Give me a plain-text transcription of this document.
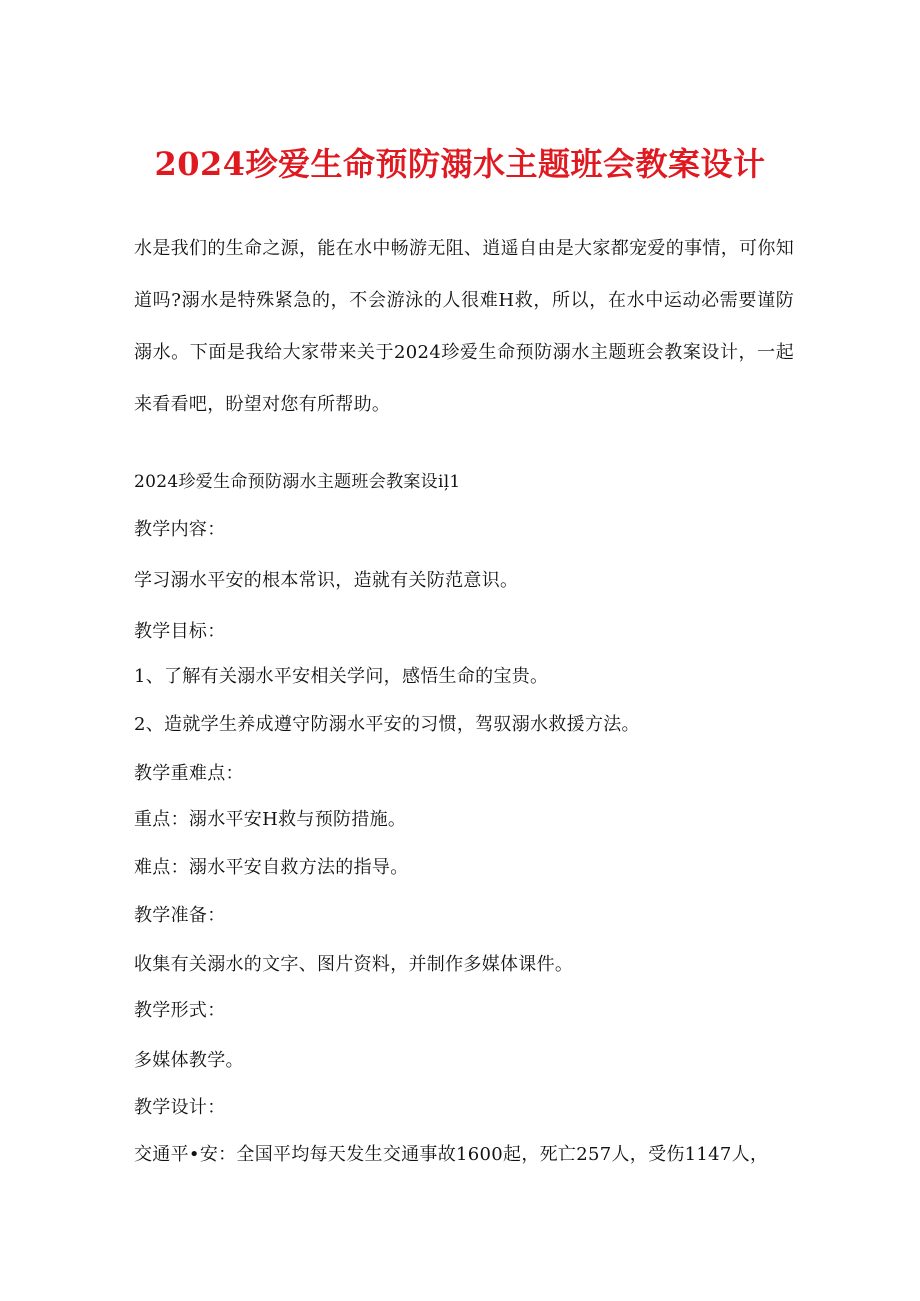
2024珍爱生命预防溺水主题班会教案设计

水是我们的生命之源，能在水中畅游无阻、逍遥自由是大家都宠爱的事情，可你知道吗?溺水是特殊紧急的，不会游泳的人很难H救，所以，在水中运动必需要谨防溺水。下面是我给大家带来关于2024珍爱生命预防溺水主题班会教案设计，一起来看看吧，盼望对您有所帮助。

2024珍爱生命预防溺水主题班会教案设iļ1

教学内容：

学习溺水平安的根本常识，造就有关防范意识。

教学目标：

1、了解有关溺水平安相关学问，感悟生命的宝贵。

2、造就学生养成遵守防溺水平安的习惯，驾驭溺水救援方法。

教学重难点：

重点：溺水平安H救与预防措施。

难点：溺水平安自救方法的指导。

教学准备：

收集有关溺水的文字、图片资料，并制作多媒体课件。

教学形式：

多媒体教学。

教学设计：

交通平•安：全国平均每天发生交通事故1600起，死亡257人，受伤1147人，
